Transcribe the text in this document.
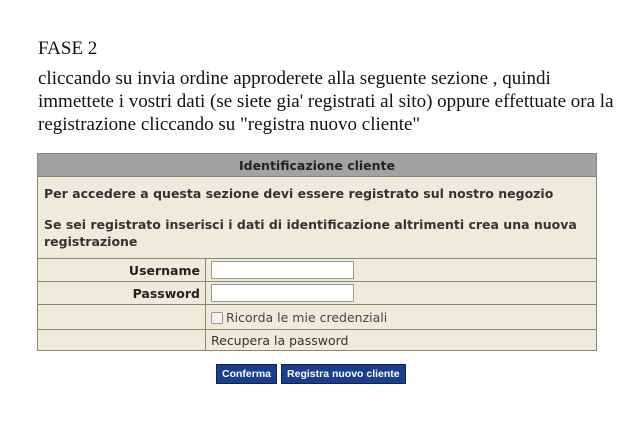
FASE 2

cliccando su invia ordine approderete alla seguente sezione , quindi immettete i vostri dati (se siete gia' registrati al sito) oppure effettuate ora la registrazione cliccando su "registra nuovo cliente"

Identificazione cliente	

Per accedere a questa sezione devi essere registrato sul nostro negozio

Se sei registrato inserisci i dati di identificazione altrimenti crea una nuova registrazione	

Username	
Password	
	Ricorda le mie credenziali
	Recupera la password
Conferma	Registra nuovo cliente
